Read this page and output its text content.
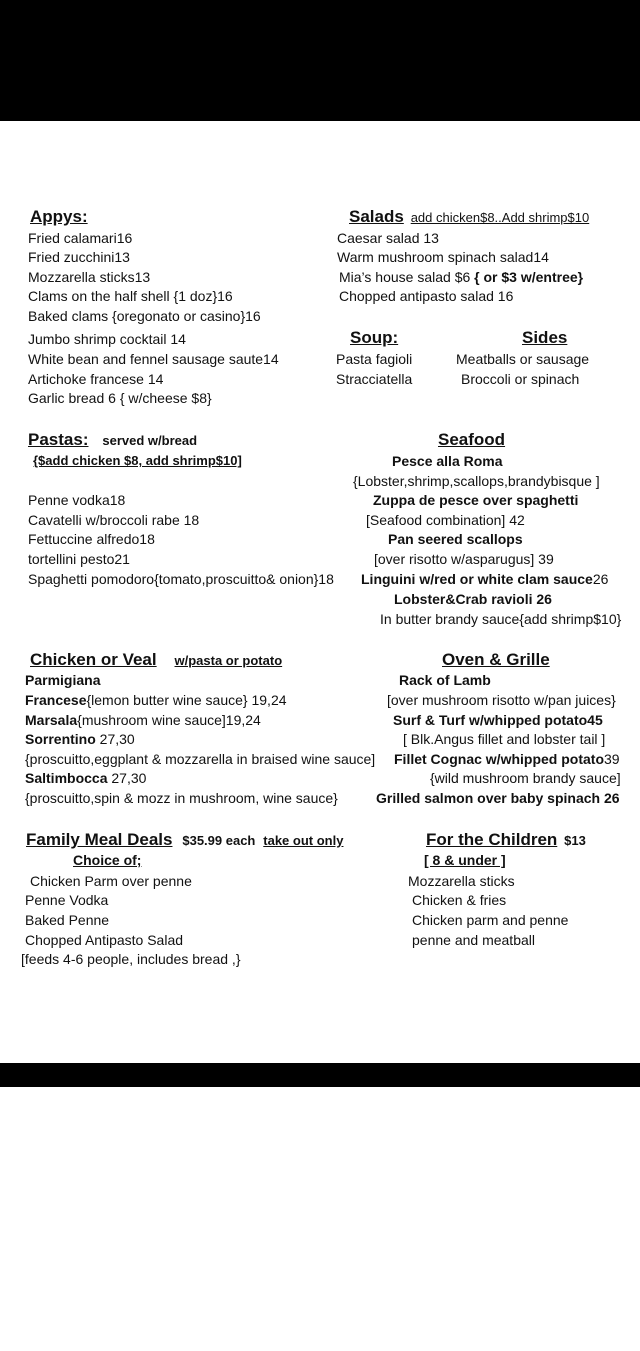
Appys:
Fried calamari16
Fried zucchini13
Mozzarella sticks13
Clams on the half shell {1 doz}16
Baked clams {oregonato or casino}16
Jumbo shrimp cocktail 14
White bean and fennel sausage saute14
Artichoke francese 14
Garlic bread 6 { w/cheese $8}
Salads add chicken$8..Add shrimp$10
Caesar salad 13
Warm mushroom spinach salad14
Mia’s house salad $6 { or $3 w/entree}
Chopped antipasto salad 16
Soup:
Pasta fagioli
Stracciatella
Sides
Meatballs or sausage
Broccoli or spinach
Pastas: served w/bread
{$add chicken $8, add shrimp$10]
Penne vodka18
Cavatelli w/broccoli rabe 18
Fettuccine alfredo18
tortellini pesto21
Spaghetti pomodoro{tomato,proscuitto& onion}18
Seafood
Pesce alla Roma
{Lobster,shrimp,scallops,brandybisque ]
Zuppa de pesce over spaghetti
[Seafood combination] 42
Pan seered scallops
[over risotto w/asparugus] 39
Linguini w/red or white clam sauce26
Lobster&Crab ravioli 26
In butter brandy sauce{add shrimp$10}
Chicken or Veal w/pasta or potato
Parmigiana
Francese{lemon butter wine sauce} 19,24
Marsala{mushroom wine sauce]19,24
Sorrentino 27,30
{proscuitto,eggplant & mozzarella in braised wine sauce]
Saltimbocca 27,30
{proscuitto,spin & mozz in mushroom, wine sauce}
Oven & Grille
Rack of Lamb
[over mushroom risotto w/pan juices}
Surf & Turf w/whipped potato45
[ Blk.Angus fillet and lobster tail ]
Fillet Cognac w/whipped potato39
{wild mushroom brandy sauce]
Grilled salmon over baby spinach 26
Family Meal Deals $35.99 each take out only
Choice of;
Chicken Parm over penne
Penne Vodka
Baked Penne
Chopped Antipasto Salad
[feeds 4-6 people, includes bread ,}
For the Children $13
[ 8 & under ]
Mozzarella sticks
Chicken & fries
Chicken parm and penne
penne and meatball
